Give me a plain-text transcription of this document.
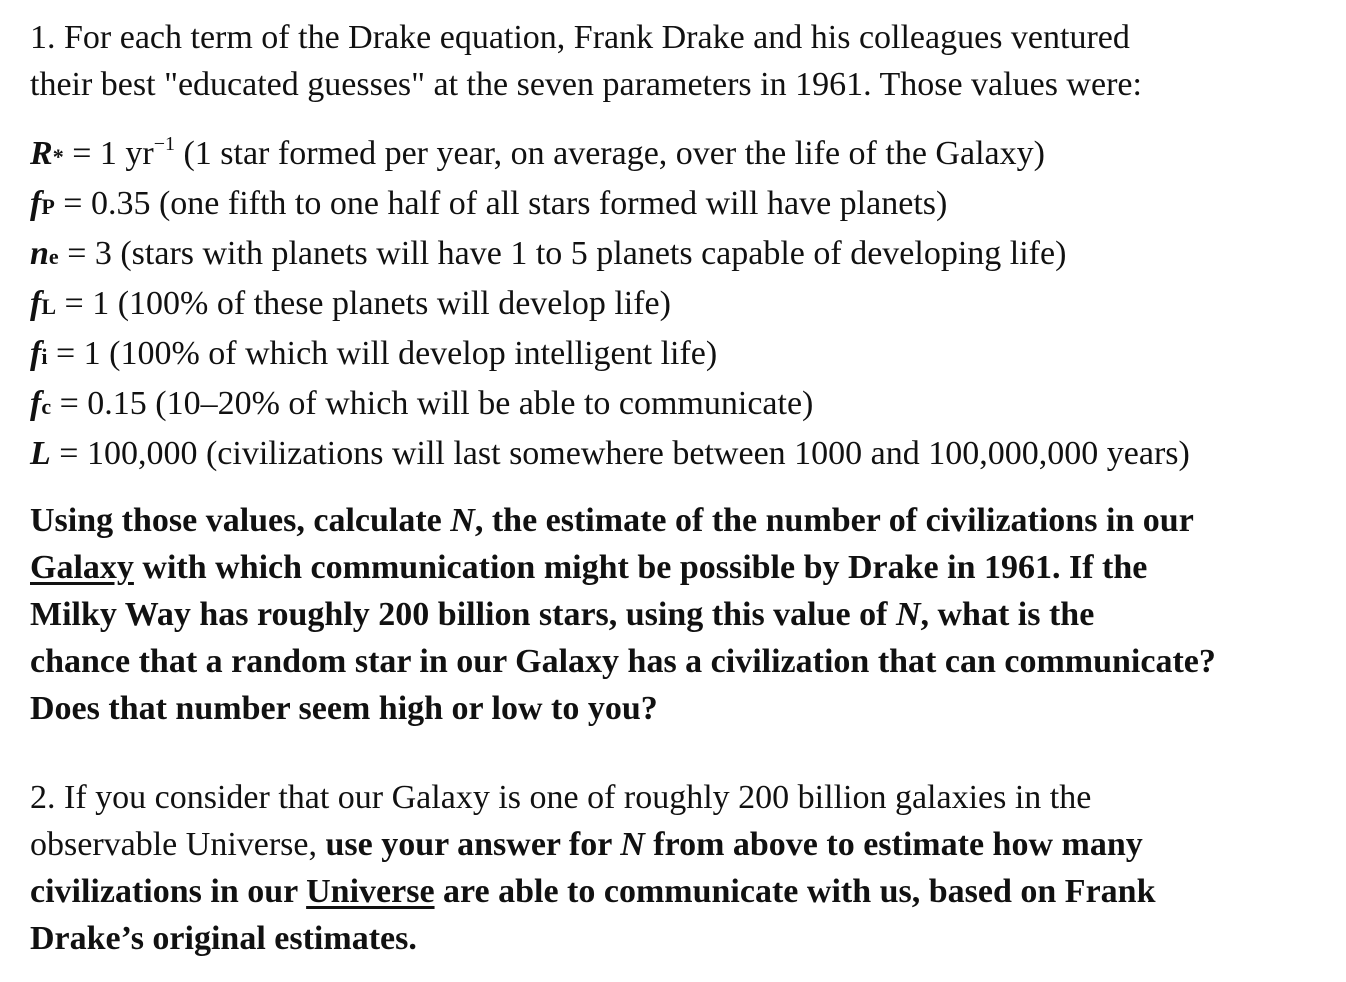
1. For each term of the Drake equation, Frank Drake and his colleagues ventured
their best "educated guesses" at the seven parameters in 1961. Those values were:
R* = 1 $yr^{-1}$ (1 star formed per year, on average, over the life of the Galaxy)
fP = 0.35 (one fifth to one half of all stars formed will have planets)
ne = 3 (stars with planets will have 1 to 5 planets capable of developing life)
fL = 1 (100% of these planets will develop life)
fi = 1 (100% of which will develop intelligent life)
fc = 0.15 (10–20% of which will be able to communicate)
L = 100,000 (civilizations will last somewhere between 1000 and 100,000,000 years)
Using those values, calculate N, the estimate of the number of civilizations in our
Galaxy with which communication might be possible by Drake in 1961. If the
Milky Way has roughly 200 billion stars, using this value of N, what is the
chance that a random star in our Galaxy has a civilization that can communicate?
Does that number seem high or low to you?
2. If you consider that our Galaxy is one of roughly 200 billion galaxies in the
observable Universe, use your answer for N from above to estimate how many
civilizations in our Universe are able to communicate with us, based on Frank
Drake’s original estimates.
